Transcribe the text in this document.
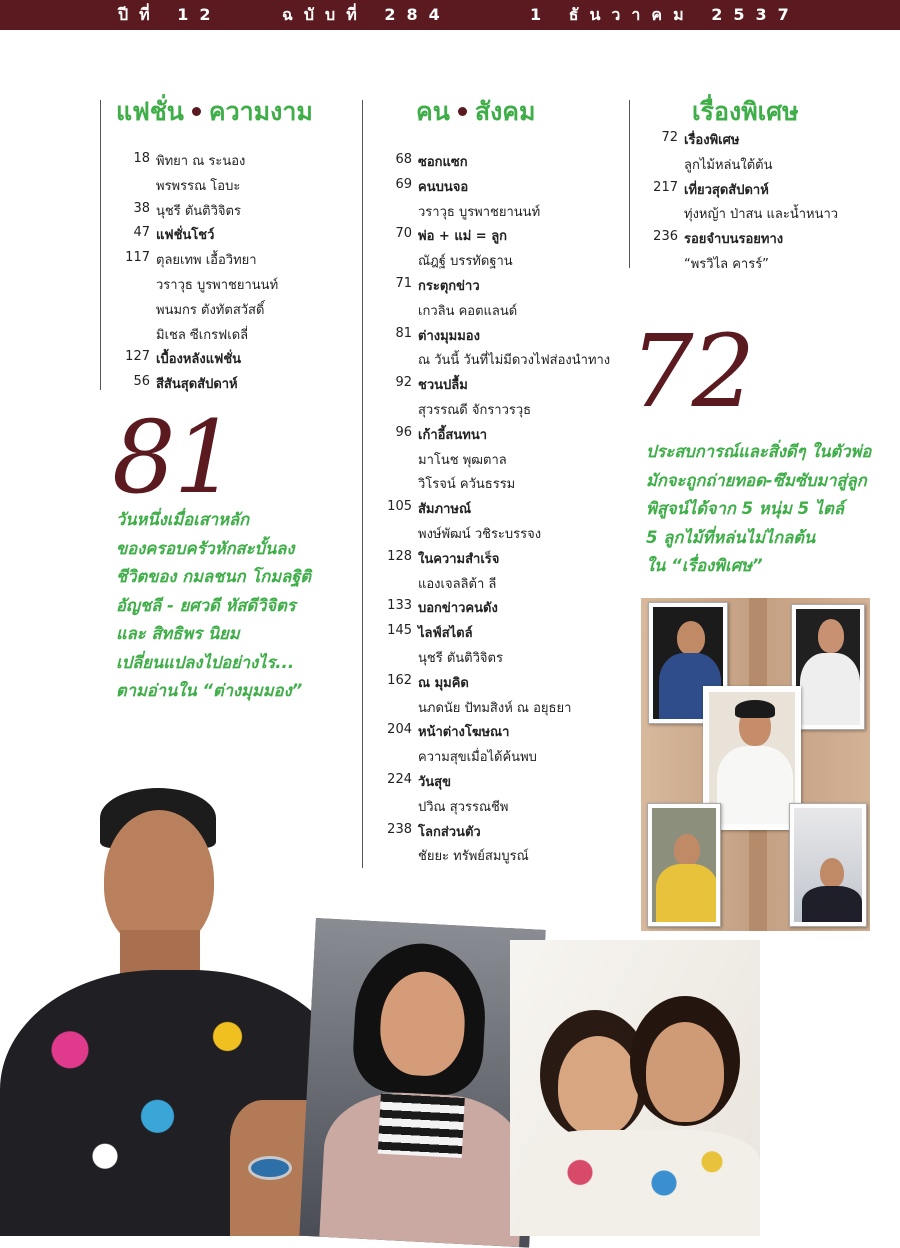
ปีที่ 12	ฉบับที่ 284	1 ธันวาคม 2537
แฟชั่น ความงาม
18 พิทยา ณ ระนอง
พรพรรณ โอบะ
38 นุชรี ตันติวิจิตร
47 แฟชั่นโชว์
117 ตุลยเทพ เอื้อวิทยา
วราวุธ บูรพาชยานนท์
พนมกร ตังทัตสวัสดิ์
มิเชล ซีเกรฟเดลี่
127 เบื้องหลังแฟชั่น
56 สีสันสุดสัปดาห์
คน สังคม
68 ซอกแซก
69 คนบนจอ
วราวุธ บูรพาชยานนท์
70 พ่อ + แม่ = ลูก
ณัฎฐ์ บรรทัดฐาน
71 กระตุกข่าว
เกวลิน คอตแลนด์
81 ต่างมุมมอง
ณ วันนี้ วันที่ไม่มีดวงไฟส่องนำทาง
92 ชวนปลื้ม
สุวรรณดี จักราวรวุธ
96 เก้าอี้สนทนา
มาโนช พุฒตาล
วิโรจน์ ควันธรรม
105 สัมภาษณ์
พงษ์พัฒน์ วชิระบรรจง
128 ในความสำเร็จ
แองเจลลิต้า ลี
133 บอกข่าวคนดัง
145 ไลฟ์สไตล์
นุชรี ตันติวิจิตร
162 ณ มุมคิด
นภดนัย ปัทมสิงห์ ณ อยุธยา
204 หน้าต่างโฆษณา
ความสุขเมื่อได้ค้นพบ
224 วันสุข
ปวิณ สุวรรณชีพ
238 โลกส่วนตัว
ชัยยะ ทรัพย์สมบูรณ์
เรื่องพิเศษ
72 เรื่องพิเศษ
ลูกไม้หล่นใต้ต้น
217 เที่ยวสุดสัปดาห์
ทุ่งหญ้า ป่าสน และน้ำหนาว
236 รอยจำบนรอยทาง
“พรวิไล คารร์”
81
วันหนึ่งเมื่อเสาหลัก
ของครอบครัวหักสะบั้นลง
ชีวิตของ กมลชนก โกมลฐิติ
อัญชลี - ยศวดี หัสดีวิจิตร
และ สิทธิพร นิยม
เปลี่ยนแปลงไปอย่างไร...
ตามอ่านใน “ต่างมุมมอง”
72
ประสบการณ์และสิ่งดีๆ ในตัวพ่อ
มักจะถูกถ่ายทอด-ซึมซับมาสู่ลูก
พิสูจน์ได้จาก 5 หนุ่ม 5 ไตล์
5 ลูกไม้ที่หล่นไม่ไกลต้น
ใน “เรื่องพิเศษ”
